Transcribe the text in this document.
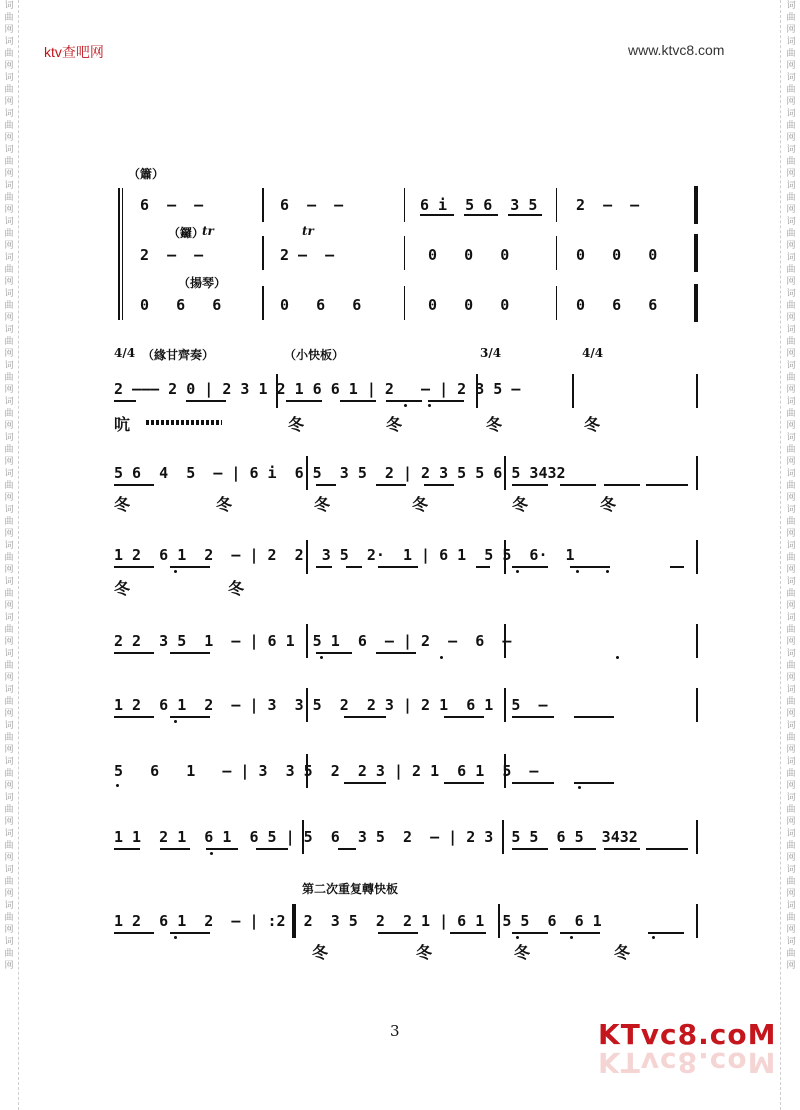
词曲网词曲网词曲网词曲网词曲网词曲网词曲网词曲网词曲网词曲网词曲网词曲网词曲网词曲网词曲网词曲网词曲网词曲网词曲网词曲网词曲网词曲网词曲网词曲网词曲网词曲网词曲网
词曲网词曲网词曲网词曲网词曲网词曲网词曲网词曲网词曲网词曲网词曲网词曲网词曲网词曲网词曲网词曲网词曲网词曲网词曲网词曲网词曲网词曲网词曲网词曲网词曲网词曲网词曲网
ktv查吧网	www.ktvc8.com
（簫）
（鑼）
tr	tr
（揚琴）
6  —  —	6  —  —	6 i  5 6  3 5	2  —  —
2  —  —	2 —  —	0   0   0	0   0   0
0   6   6	0   6   6	0   0   0	0   6   6
4/4 （緣甘齊奏）	（小快板）	3/4	4/4
2 ——— 2 0 | 2 3 1 2 1 6 6 1 | 2   — | 2 3 5 —
吭	冬	冬	冬	冬
5 6  4  5  — | 6 i  6 5  3 5  2 | 2 3 5 5 6 5 3432
冬	冬	冬	冬	冬	冬
1 2  6 1  2  — | 2  2  3 5  2·  1 | 6 1  5 5  6·  1
冬	冬
2 2  3 5  1  — | 6 1  5 1  6  — | 2  —  6  —
1 2  6 1  2  — | 3  3 5  2  2 3 | 2 1  6 1  5  —
5   6   1   — | 3  3 5  2  2 3 | 2 1  6 1  5  —
1 1  2 1  6 1  6 5 | 5  6  3 5  2  — | 2 3  5 5  6 5  3432
第二次重复轉快板
1 2  6 1  2  — | :2  2  3 5  2  2 1 | 6 1  5 5  6  6 1
冬	冬	冬	冬
3	KTvc8.coM
KTvc8.coM
